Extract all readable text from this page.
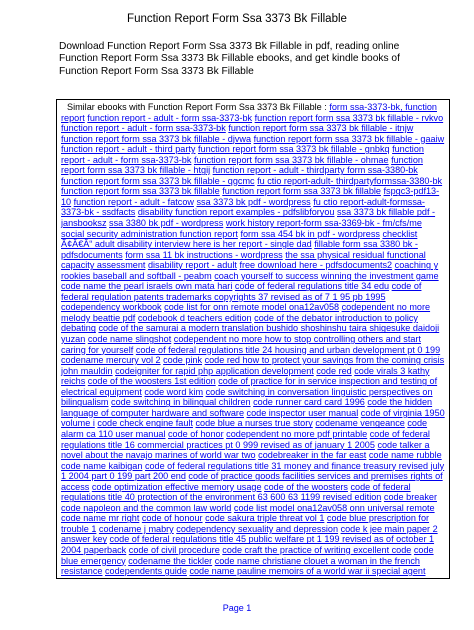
Function Report Form Ssa 3373 Bk Fillable
Download Function Report Form Ssa 3373 Bk Fillable in pdf, reading online Function Report Form Ssa 3373 Bk Fillable ebooks, and get kindle books of Function Report Form Ssa 3373 Bk Fillable

Similar ebooks with Function Report Form Ssa 3373 Bk Fillable : form ssa-3373-bk, function report function report - adult - form ssa-3373-bk function report form ssa 3373 bk fillable - rvkvo function report - adult - form ssa-3373-bk function report form ssa 3373 bk fillable - itnjw function report form ssa 3373 bk fillable - djvwa function report form ssa 3373 bk fillable - gaaiw function report - adult - third party function report form ssa 3373 bk fillable - gnbkq function report - adult - form ssa-3373-bk function report form ssa 3373 bk fillable - ohmae function report form ssa 3373 bk fillable - htgij function report - adult - thirdparty form ssa-3380-bk function report form ssa 3373 bk fillable - qgcmc fu ctio report-adult- thirdpartyformssa-3380-bk function report form ssa 3373 bk fillable function report form ssa 3373 bk fillable fspgc3-pdf13-10 function report - adult - fatcow ssa 3373 bk pdf - wordpress fu ctio report-adult-formssa-3373-bk - ssdfacts disability function report examples - pdfslibforyou ssa 3373 bk fillable pdf - jansbooksz ssa 3380 bk pdf - wordpress work history report-form ssa-3369-bk - fm/cfs/me social security administration function report form ssa 454 bk in pdf - wordpress checklist Ã¢Â€Â“ adult disability interview here is her report - single dad fillable form ssa 3380 bk - pdfsdocuments form ssa 11 bk instructions - wordpress the ssa physical residual functional capacity assessment disability report - adult free download here - pdfsdocuments2 coaching y rookies baseball and softball - peabm coach yourself to success winning the investment game code name the pearl israels own mata hari code of federal regulations title 34 edu code of federal regulation patents trademarks copyrights 37 revised as of 7 1 95 pb 1995 codependency workbook code list for onn remote model ona12av058 codependent no more melody beattie pdf codebook d teachers edition code of the debator introduction to policy debating code of the samurai a modern translation bushido shoshinshu taira shigesuke daidoji yuzan code name slingshot codependent no more how to stop controlling others and start caring for yourself code of federal regulations title 24 housing and urban development pt 0 199 codename mercury vol 2 code pink code red how to protect your savings from the coming crisis john mauldin codeigniter for rapid php application development code red code virals 3 kathy reichs code of the woosters 1st edition code of practice for in service inspection and testing of electrical equipment code word kim code switching in conversation linguistic perspectives on bilingualism code switching in bilingual children code runner card card 1996 code the hidden language of computer hardware and software code inspector user manual code of virginia 1950 volume i code check engine fault code blue a nurses true story codename vengeance code alarm ca 110 user manual code of honor codependent no more pdf printable code of federal regulations title 16 commercial practices pt 0 999 revised as of january 1 2005 code talker a novel about the navajo marines of world war two codebreaker in the far east code name rubble code name kaibigan code of federal regulations title 31 money and finance treasury revised july 1 2004 part 0 199 part 200 end code of practice goods facilities services and premises rights of access code optimization effective memory usage code of the woosters code of federal regulations title 40 protection of the environment 63 600 63 1199 revised edition code breaker code napoleon and the common law world code list model ona12av058 onn universal remote code name mr right code of honour code sakura triple threat vol 1 code blue prescription for trouble 1 codename j mabry codependency sexuality and depression code k jee main paper 2 answer key code of federal regulations title 45 public welfare pt 1 199 revised as of october 1 2004 paperback code of civil procedure code craft the practice of writing excellent code code blue emergency codename the tickler code name christiane clouet a woman in the french resistance codependents guide code name pauline memoirs of a world war ii special agent

Page 1
